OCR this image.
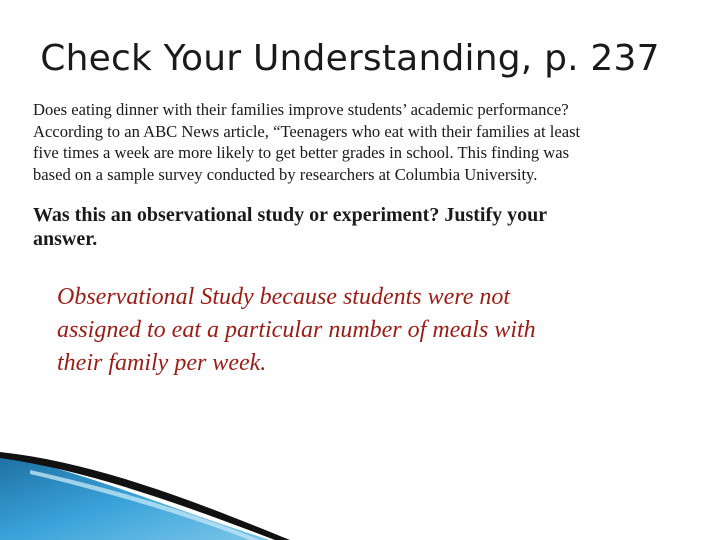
Check Your Understanding, p. 237
Does eating dinner with their families improve students’ academic performance?
According to an ABC News article, “Teenagers who eat with their families at least
five times a week are more likely to get better grades in school. This finding was
based on a sample survey conducted by researchers at Columbia University.
Was this an observational study or experiment? Justify your
answer.
Observational Study because students were not
assigned to eat a particular number of meals with
their family per week.
